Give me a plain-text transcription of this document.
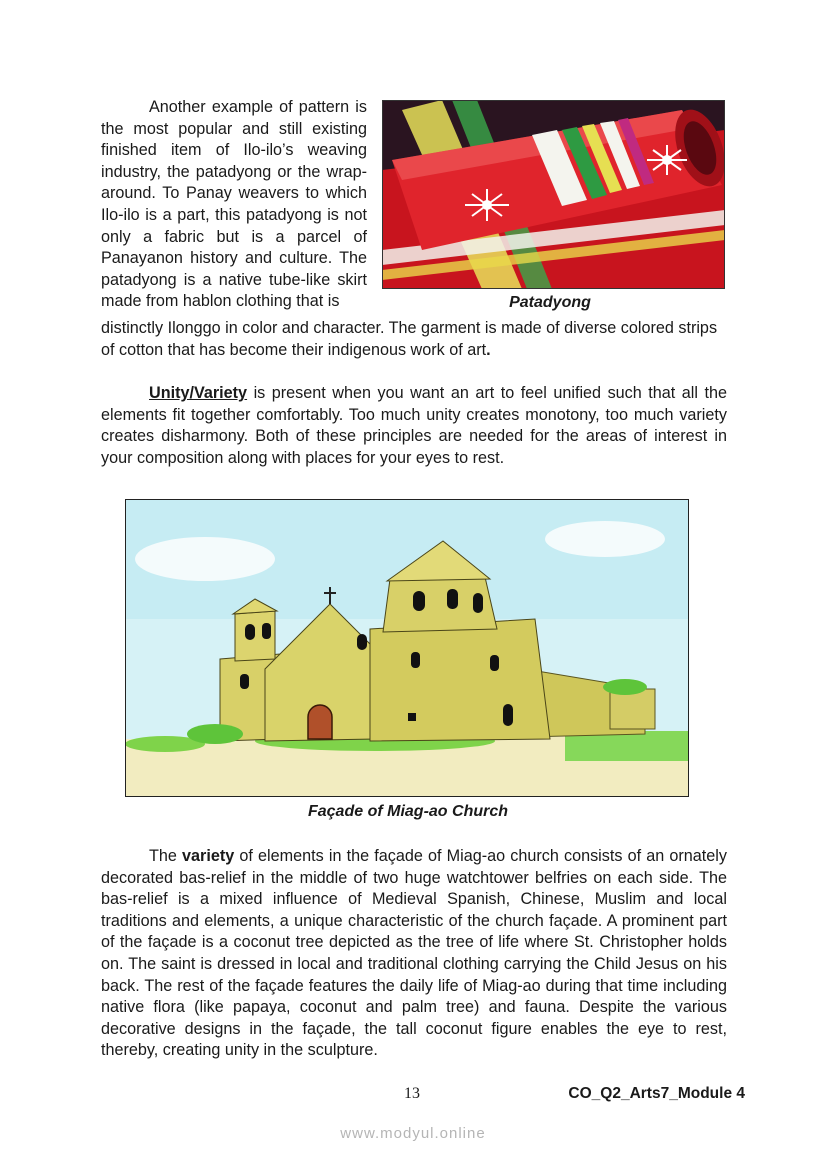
Another example of pattern is the most popular and still existing finished item of Ilo-ilo’s weaving industry, the patadyong or the wrap-around. To Panay weavers to which Ilo-ilo is a part, this patadyong is not only a fabric but is a parcel of Panayanon history and culture. The patadyong is a native tube-like skirt made from hablon clothing that is

distinctly Ilonggo in color and character. The garment is made of diverse colored strips of cotton that has become their indigenous work of art.

Patadyong

Unity/Variety is present when you want an art to feel unified such that all the elements fit together comfortably. Too much unity creates monotony, too much variety creates disharmony. Both of these principles are needed for the areas of interest in your composition along with places for your eyes to rest.

Façade of Miag-ao Church

The variety of elements in the façade of Miag-ao church consists of an ornately decorated bas-relief in the middle of two huge watchtower belfries on each side. The bas-relief is a mixed influence of Medieval Spanish, Chinese, Muslim and local traditions and elements, a unique characteristic of the church façade. A prominent part of the façade is a coconut tree depicted as the tree of life where St. Christopher holds on. The saint is dressed in local and traditional clothing carrying the Child Jesus on his back. The rest of the façade features the daily life of Miag-ao during that time including native flora (like papaya, coconut and palm tree) and fauna. Despite the various decorative designs in the façade, the tall coconut figure enables the eye to rest, thereby, creating unity in the sculpture.

13	CO_Q2_Arts7_Module 4
www.modyul.online
